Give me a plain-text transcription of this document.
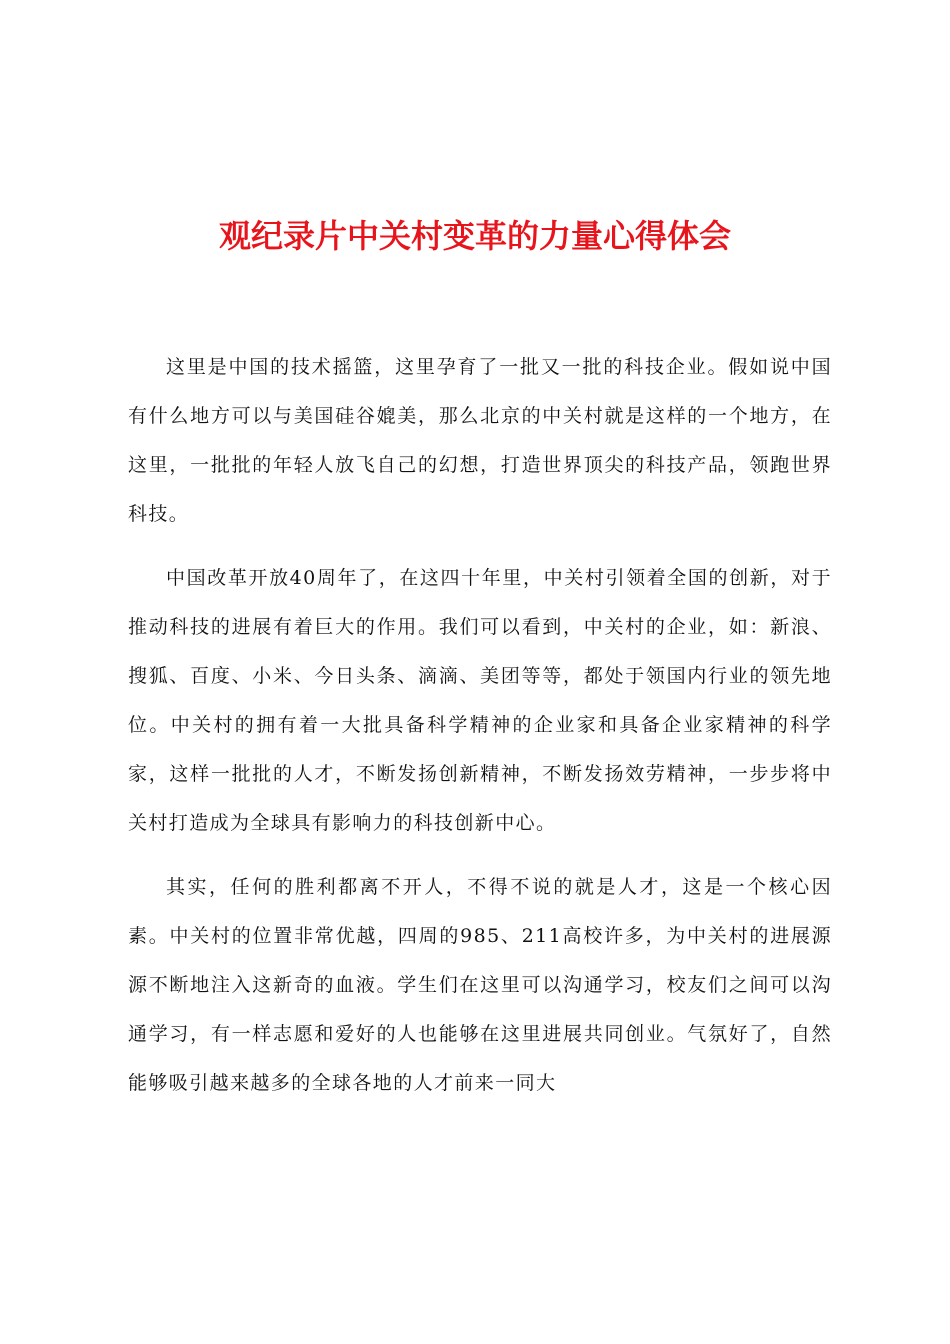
观纪录片中关村变革的力量心得体会

这里是中国的技术摇篮，这里孕育了一批又一批的科技企业。假如说中国有什么地方可以与美国硅谷媲美，那么北京的中关村就是这样的一个地方，在这里，一批批的年轻人放飞自己的幻想，打造世界顶尖的科技产品，领跑世界科技。

中国改革开放40周年了，在这四十年里，中关村引领着全国的创新，对于推动科技的进展有着巨大的作用。我们可以看到，中关村的企业，如：新浪、搜狐、百度、小米、今日头条、滴滴、美团等等，都处于领国内行业的领先地位。中关村的拥有着一大批具备科学精神的企业家和具备企业家精神的科学家，这样一批批的人才，不断发扬创新精神，不断发扬效劳精神，一步步将中关村打造成为全球具有影响力的科技创新中心。

其实，任何的胜利都离不开人，不得不说的就是人才，这是一个核心因素。中关村的位置非常优越，四周的985、211高校许多，为中关村的进展源源不断地注入这新奇的血液。学生们在这里可以沟通学习，校友们之间可以沟通学习，有一样志愿和爱好的人也能够在这里进展共同创业。气氛好了，自然能够吸引越来越多的全球各地的人才前来一同大
